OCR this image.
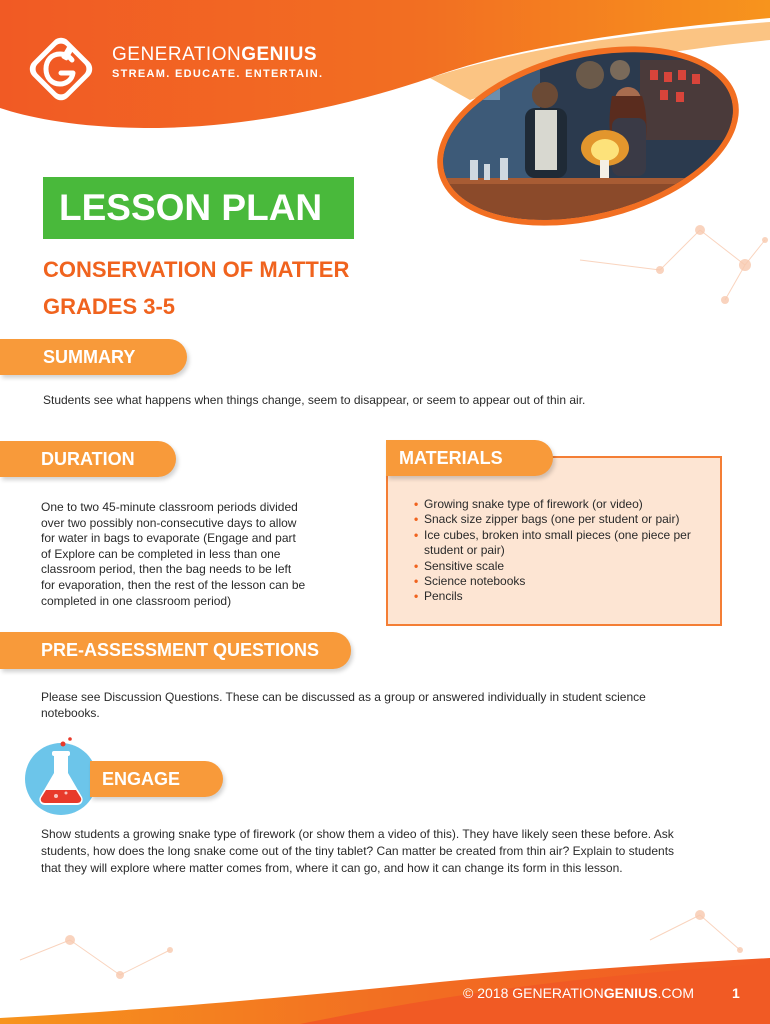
GENERATIONGENIUS
STREAM. EDUCATE. ENTERTAIN.
LESSON PLAN
CONSERVATION OF MATTER
GRADES 3-5
SUMMARY
Students see what happens when things change, seem to disappear, or seem to appear out of thin air.
DURATION
One to two 45-minute classroom periods divided
over two possibly non-consecutive days to allow
for water in bags to evaporate (Engage and part
of Explore can be completed in less than one
classroom period, then the bag needs to be left
for evaporation, then the rest of the lesson can be
completed in one classroom period)
MATERIALS
• Growing snake type of firework (or video)
• Snack size zipper bags (one per student or pair)
• Ice cubes, broken into small pieces (one piece per student or pair)
• Sensitive scale
• Science notebooks
• Pencils
PRE-ASSESSMENT QUESTIONS
Please see Discussion Questions. These can be discussed as a group or answered individually in student science
notebooks.
ENGAGE
Show students a growing snake type of firework (or show them a video of this). They have likely seen these before. Ask
students, how does the long snake come out of the tiny tablet? Can matter be created from thin air? Explain to students
that they will explore where matter comes from, where it can go, and how it can change its form in this lesson.
© 2018 GENERATIONGENIUS.COM	1
